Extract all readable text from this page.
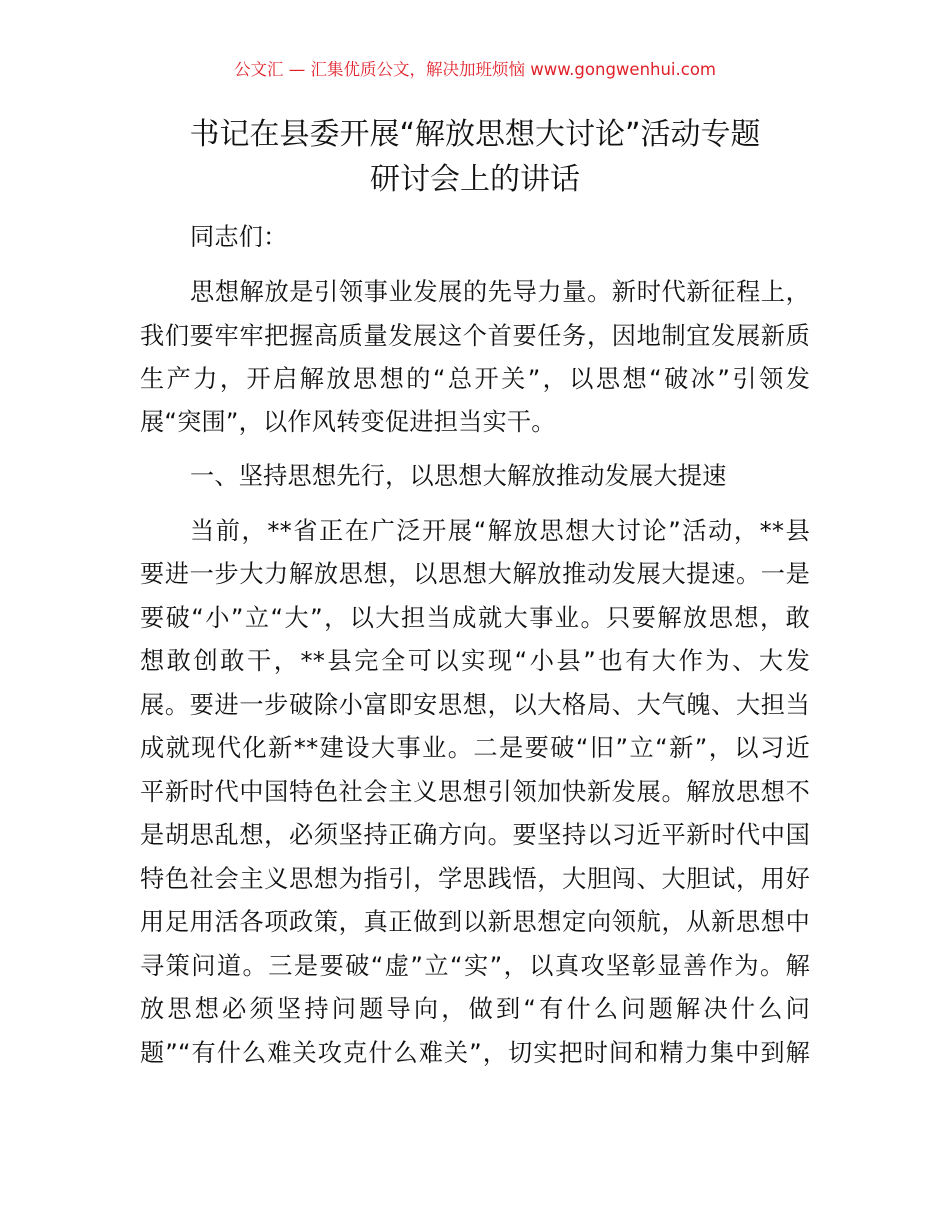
公文汇 — 汇集优质公文，解决加班烦恼 www.gongwenhui.com
书记在县委开展“解放思想大讨论”活动专题
研讨会上的讲话
同志们：
思想解放是引领事业发展的先导力量。新时代新征程上，
我们要牢牢把握高质量发展这个首要任务，因地制宜发展新质
生产力，开启解放思想的“总开关”，以思想“破冰”引领发
展“突围”，以作风转变促进担当实干。
一、坚持思想先行，以思想大解放推动发展大提速
当前，**省正在广泛开展“解放思想大讨论”活动，**县
要进一步大力解放思想，以思想大解放推动发展大提速。一是
要破“小”立“大”，以大担当成就大事业。只要解放思想，敢
想敢创敢干，**县完全可以实现“小县”也有大作为、大发
展。要进一步破除小富即安思想，以大格局、大气魄、大担当
成就现代化新**建设大事业。二是要破“旧”立“新”，以习近
平新时代中国特色社会主义思想引领加快新发展。解放思想不
是胡思乱想，必须坚持正确方向。要坚持以习近平新时代中国
特色社会主义思想为指引，学思践悟，大胆闯、大胆试，用好
用足用活各项政策，真正做到以新思想定向领航，从新思想中
寻策问道。三是要破“虚”立“实”，以真攻坚彰显善作为。解
放思想必须坚持问题导向，做到“有什么问题解决什么问
题”“有什么难关攻克什么难关”，切实把时间和精力集中到解
